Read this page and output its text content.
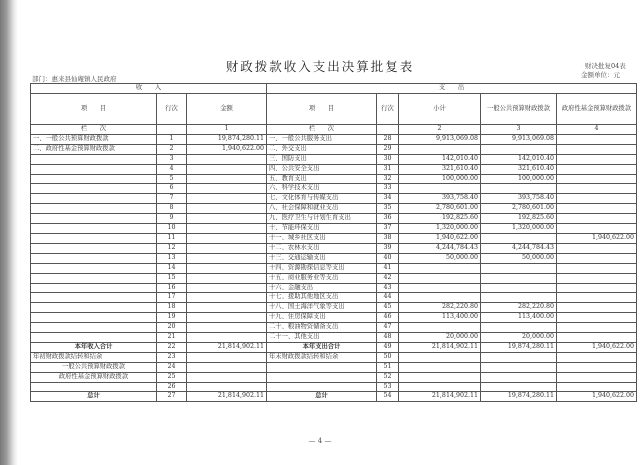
财政拨款收入支出决算批复表	财决批复04表
金额单位：元
部门：惠来县仙庵镇人民政府
收　　入			支　　出				
项　　目	行次	金额	项　　目	行次	小计	一般公共预算财政拨款	政府性基金预算财政拨款
栏　　次		1	栏　　次		2	3	4
一、一般公共预算财政拨款	1	19,874,280.11	一、一般公共服务支出	28	9,913,069.08	9,913,069.08	
二、政府性基金预算财政拨款	2	1,940,622.00	二、外交支出	29			
	3		三、国防支出	30	142,010.40	142,010.40	
	4		四、公共安全支出	31	321,610.40	321,610.40	
	5		五、教育支出	32	100,000.00	100,000.00	
	6		六、科学技术支出	33			
	7		七、文化体育与传媒支出	34	393,758.40	393,758.40	
	8		八、社会保障和就业支出	35	2,780,601.00	2,780,601.00	
	9		九、医疗卫生与计划生育支出	36	192,825.60	192,825.60	
	10		十、节能环保支出	37	1,320,000.00	1,320,000.00	
	11		十一、城乡社区支出	38	1,940,622.00		1,940,622.00
	12		十二、农林水支出	39	4,244,784.43	4,244,784.43	
	13		十三、交通运输支出	40	50,000.00	50,000.00	
	14		十四、资源勘探信息等支出	41			
	15		十五、商业服务业等支出	42			
	16		十六、金融支出	43			
	17		十七、援助其他地区支出	44			
	18		十八、国土海洋气象等支出	45	282,220.80	282,220.80	
	19		十九、住房保障支出	46	113,400.00	113,400.00	
	20		二十、粮油物资储备支出	47			
	21		二十一、其他支出	48	20,000.00	20,000.00	
本年收入合计	22	21,814,902.11	本年支出合计	49	21,814,902.11	19,874,280.11	1,940,622.00
年初财政拨款结转和结余	23		年末财政拨款结转和结余	50			
一般公共预算财政拨款	24			51			
政府性基金预算财政拨款	25			52			
	26			53			
总计	27	21,814,902.11	总计	54	21,814,902.11	19,874,280.11	1,940,622.00
— 4 —
